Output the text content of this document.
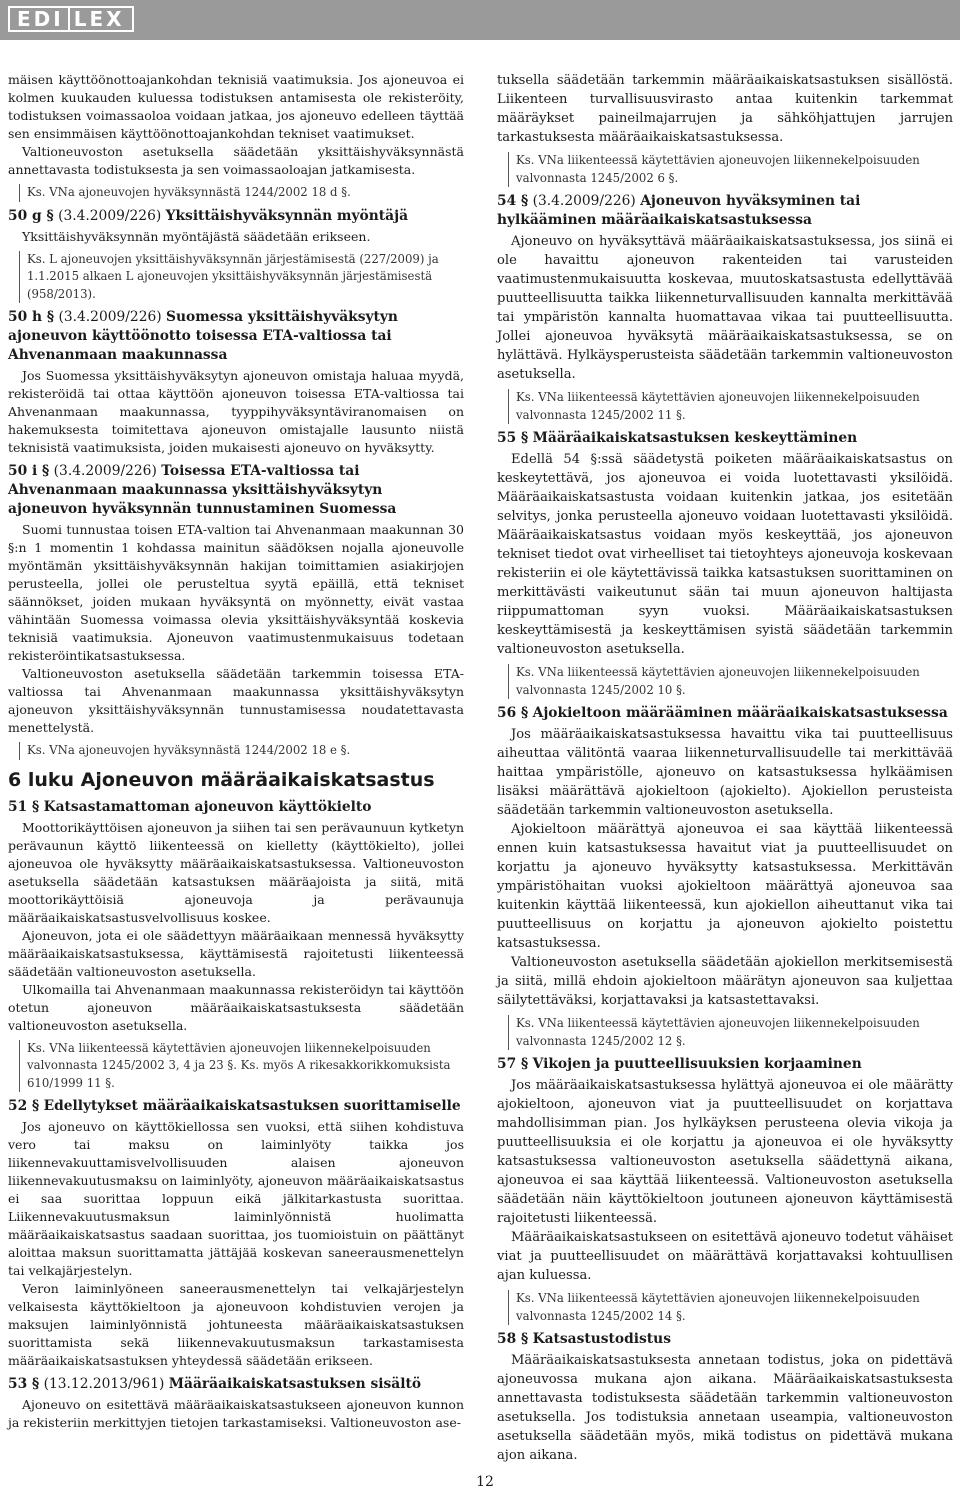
EDI LEX

mäisen käyttöönottoajankohdan teknisiä vaatimuksia. Jos ajoneuvoa ei kolmen kuukauden kuluessa todistuksen antamisesta ole rekisteröity, todistuksen voimassaoloa voidaan jatkaa, jos ajoneuvo edelleen täyttää sen ensimmäisen käyttöönottoajankohdan tekniset vaatimukset.

Valtioneuvoston asetuksella säädetään yksittäishyväksynnästä annettavasta todistuksesta ja sen voimassaoloajan jatkamisesta.

Ks. VNa ajoneuvojen hyväksynnästä 1244/2002 18 d §.
50 g § (3.4.2009/226) Yksittäishyväksynnän myöntäjä

Yksittäishyväksynnän myöntäjästä säädetään erikseen.

Ks. L ajoneuvojen yksittäishyväksynnän järjestämisestä (227/2009) ja 1.1.2015 alkaen L ajoneuvojen yksittäishyväksynnän järjestämisestä (958/2013).
50 h § (3.4.2009/226) Suomessa yksittäishyväksytyn ajoneuvon käyttöönotto toisessa ETA-valtiossa tai Ahvenanmaan maakunnassa

Jos Suomessa yksittäishyväksytyn ajoneuvon omistaja haluaa myydä, rekisteröidä tai ottaa käyttöön ajoneuvon toisessa ETA-valtiossa tai Ahvenanmaan maakunnassa, tyyppihyväksyntäviranomaisen on hakemuksesta toimitettava ajoneuvon omistajalle lausunto niistä teknisistä vaatimuksista, joiden mukaisesti ajoneuvo on hyväksytty.

50 i § (3.4.2009/226) Toisessa ETA-valtiossa tai Ahvenanmaan maakunnassa yksittäishyväksytyn ajoneuvon hyväksynnän tunnustaminen Suomessa

Suomi tunnustaa toisen ETA-valtion tai Ahvenanmaan maakunnan 30 §:n 1 momentin 1 kohdassa mainitun säädöksen nojalla ajoneuvolle myöntämän yksittäishyväksynnän hakijan toimittamien asiakirjojen perusteella, jollei ole perusteltua syytä epäillä, että tekniset säännökset, joiden mukaan hyväksyntä on myönnetty, eivät vastaa vähintään Suomessa voimassa olevia yksittäishyväksyntää koskevia teknisiä vaatimuksia. Ajoneuvon vaatimustenmukaisuus todetaan rekisteröintikatsastuksessa.

Valtioneuvoston asetuksella säädetään tarkemmin toisessa ETA-valtiossa tai Ahvenanmaan maakunnassa yksittäishyväksytyn ajoneuvon yksittäishyväksynnän tunnustamisessa noudatettavasta menettelystä.

Ks. VNa ajoneuvojen hyväksynnästä 1244/2002 18 e §.
6 luku Ajoneuvon määräaikaiskatsastus
51 § Katsastamattoman ajoneuvon käyttökielto

Moottorikäyttöisen ajoneuvon ja siihen tai sen perävaunuun kytketyn perävaunun käyttö liikenteessä on kielletty (käyttökielto), jollei ajoneuvoa ole hyväksytty määräaikaiskatsastuksessa. Valtioneuvoston asetuksella säädetään katsastuksen määräajoista ja siitä, mitä moottorikäyttöisiä ajoneuvoja ja perävaunuja määräaikaiskatsastusvelvollisuus koskee.

Ajoneuvon, jota ei ole säädettyyn määräaikaan mennessä hyväksytty määräaikaiskatsastuksessa, käyttämisestä rajoitetusti liikenteessä säädetään valtioneuvoston asetuksella.

Ulkomailla tai Ahvenanmaan maakunnassa rekisteröidyn tai käyttöön otetun ajoneuvon määräaikaiskatsastuksesta säädetään valtioneuvoston asetuksella.

Ks. VNa liikenteessä käytettävien ajoneuvojen liikennekelpoisuuden valvonnasta 1245/2002 3, 4 ja 23 §. Ks. myös A rikesakkorikkomuksista 610/1999 11 §.
52 § Edellytykset määräaikaiskatsastuksen suorittamiselle

Jos ajoneuvo on käyttökiellossa sen vuoksi, että siihen kohdistuva vero tai maksu on laiminlyöty taikka jos liikennevakuuttamisvelvollisuuden alaisen ajoneuvon liikennevakuutusmaksu on laiminlyöty, ajoneuvon määräaikaiskatsastus ei saa suorittaa loppuun eikä jälkitarkastusta suorittaa. Liikennevakuutusmaksun laiminlyönnistä huolimatta määräaikaiskatsastus saadaan suorittaa, jos tuomioistuin on päättänyt aloittaa maksun suorittamatta jättäjää koskevan saneerausmenettelyn tai velkajärjestelyn.

Veron laiminlyöneen saneerausmenettelyn tai velkajärjestelyn velkaisesta käyttökieltoon ja ajoneuvoon kohdistuvien verojen ja maksujen laiminlyönnistä johtuneesta määräaikaiskatsastuksen suorittamista sekä liikennevakuutusmaksun tarkastamisesta määräaikaiskatsastuksen yhteydessä säädetään erikseen.

53 § (13.12.2013/961) Määräaikaiskatsastuksen sisältö

Ajoneuvo on esitettävä määräaikaiskatsastukseen ajoneuvon kunnon ja rekisteriin merkittyjen tietojen tarkastamiseksi. Valtioneuvoston ase-

tuksella säädetään tarkemmin määräaikaiskatsastuksen sisällöstä. Liikenteen turvallisuusvirasto antaa kuitenkin tarkemmat määräykset paineilmajarrujen ja sähköhjattujen jarrujen tarkastuksesta määräaikaiskatsastuksessa.

Ks. VNa liikenteessä käytettävien ajoneuvojen liikennekelpoisuuden valvonnasta 1245/2002 6 §.
54 § (3.4.2009/226) Ajoneuvon hyväksyminen tai hylkääminen määräaikaiskatsastuksessa

Ajoneuvo on hyväksyttävä määräaikaiskatsastuksessa, jos siinä ei ole havaittu ajoneuvon rakenteiden tai varusteiden vaatimustenmukaisuutta koskevaa, muutoskatsastusta edellyttävää puutteellisuutta taikka liikenneturvallisuuden kannalta merkittävää tai ympäristön kannalta huomattavaa vikaa tai puutteellisuutta. Jollei ajoneuvoa hyväksytä määräaikaiskatsastuksessa, se on hylättävä. Hylkäysperusteista säädetään tarkemmin valtioneuvoston asetuksella.

Ks. VNa liikenteessä käytettävien ajoneuvojen liikennekelpoisuuden valvonnasta 1245/2002 11 §.
55 § Määräaikaiskatsastuksen keskeyttäminen

Edellä 54 §:ssä säädetystä poiketen määräaikaiskatsastus on keskeytettävä, jos ajoneuvoa ei voida luotettavasti yksilöidä. Määräaikaiskatsastusta voidaan kuitenkin jatkaa, jos esitetään selvitys, jonka perusteella ajoneuvo voidaan luotettavasti yksilöidä. Määräaikaiskatsastus voidaan myös keskeyttää, jos ajoneuvon tekniset tiedot ovat virheelliset tai tietoyhteys ajoneuvoja koskevaan rekisteriin ei ole käytettävissä taikka katsastuksen suorittaminen on merkittävästi vaikeutunut sään tai muun ajoneuvon haltijasta riippumattoman syyn vuoksi. Määräaikaiskatsastuksen keskeyttämisestä ja keskeyttämisen syistä säädetään tarkemmin valtioneuvoston asetuksella.

Ks. VNa liikenteessä käytettävien ajoneuvojen liikennekelpoisuuden valvonnasta 1245/2002 10 §.
56 § Ajokieltoon määrääminen määräaikaiskatsastuksessa

Jos määräaikaiskatsastuksessa havaittu vika tai puutteellisuus aiheuttaa välitöntä vaaraa liikenneturvallisuudelle tai merkittävää haittaa ympäristölle, ajoneuvo on katsastuksessa hylkäämisen lisäksi määrättävä ajokieltoon (ajokielto). Ajokiellon perusteista säädetään tarkemmin valtioneuvoston asetuksella.

Ajokieltoon määrättyä ajoneuvoa ei saa käyttää liikenteessä ennen kuin katsastuksessa havaitut viat ja puutteellisuudet on korjattu ja ajoneuvo hyväksytty katsastuksessa. Merkittävän ympäristöhaitan vuoksi ajokieltoon määrättyä ajoneuvoa saa kuitenkin käyttää liikenteessä, kun ajokiellon aiheuttanut vika tai puutteellisuus on korjattu ja ajoneuvon ajokielto poistettu katsastuksessa.

Valtioneuvoston asetuksella säädetään ajokiellon merkitsemisestä ja siitä, millä ehdoin ajokieltoon määrätyn ajoneuvon saa kuljettaa säilytettäväksi, korjattavaksi ja katsastettavaksi.

Ks. VNa liikenteessä käytettävien ajoneuvojen liikennekelpoisuuden valvonnasta 1245/2002 12 §.
57 § Vikojen ja puutteellisuuksien korjaaminen

Jos määräaikaiskatsastuksessa hylättyä ajoneuvoa ei ole määrätty ajokieltoon, ajoneuvon viat ja puutteellisuudet on korjattava mahdollisimman pian. Jos hylkäyksen perusteena olevia vikoja ja puutteellisuuksia ei ole korjattu ja ajoneuvoa ei ole hyväksytty katsastuksessa valtioneuvoston asetuksella säädettynä aikana, ajoneuvoa ei saa käyttää liikenteessä. Valtioneuvoston asetuksella säädetään näin käyttökieltoon joutuneen ajoneuvon käyttämisestä rajoitetusti liikenteessä.

Määräaikaiskatsastukseen on esitettävä ajoneuvo todetut vähäiset viat ja puutteellisuudet on määrättävä korjattavaksi kohtuullisen ajan kuluessa.

Ks. VNa liikenteessä käytettävien ajoneuvojen liikennekelpoisuuden valvonnasta 1245/2002 14 §.
58 § Katsastustodistus

Määräaikaiskatsastuksesta annetaan todistus, joka on pidettävä ajoneuvossa mukana ajon aikana. Määräaikaiskatsastuksesta annettavasta todistuksesta säädetään tarkemmin valtioneuvoston asetuksella. Jos todistuksia annetaan useampia, valtioneuvoston asetuksella säädetään myös, mikä todistus on pidettävä mukana ajon aikana.

12
